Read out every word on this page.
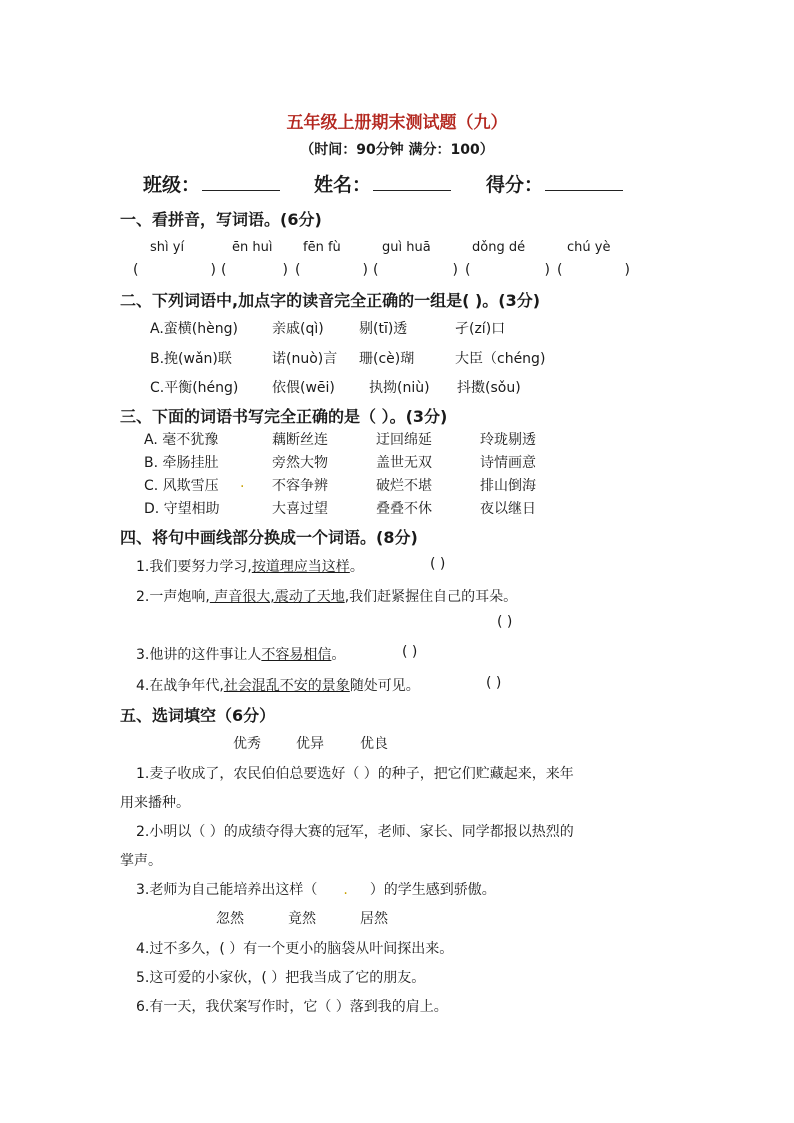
五年级上册期末测试题（九）
（时间：90分钟 满分：100）
班级：	姓名：	得分：
一、看拼音，写词语。(6分)
shì yí	ēn huì fēn fù	guì huā	dǒng dé	chú yè
(	) (	) (	) (	) (	) (	)
二、下列词语中,加点字的读音完全正确的一组是( )。(3分)
A.蛮横(hèng) 亲戚(qì)	剔(tī)透	孑(zí)口
B.挽(wǎn)联	诺(nuò)言 珊(cè)瑚	大臣（chéng)
C.平衡(héng) 依偎(wēi) 执拗(niù) 抖擞(sǒu)
三、下面的词语书写完全正确的是（ ）。(3分)
A. 毫不犹豫	藕断丝连	迂回绵延	玲珑剔透
B. 牵肠挂肚	旁然大物	盖世无双	诗情画意
C. 风欺雪压 . 不容争辨	破烂不堪	排山倒海
D. 守望相助	大喜过望	叠叠不休	夜以继日
四、将句中画线部分换成一个词语。(8分)
1.我们要努力学习,按道理应当这样。	( )
2.一声炮响, 声音很大,震动了天地,我们赶紧握住自己的耳朵。
( )
3.他讲的这件事让人不容易相信。	( )
4.在战争年代,社会混乱不安的景象随处可见。	( )
五、选词填空（6分）
优秀	优异	优良
1.麦子收成了，农民伯伯总要选好（ ）的种子，把它们贮藏起来，来年
用来播种。
2.小明以（ ）的成绩夺得大赛的冠军，老师、家长、同学都报以热烈的
掌声。
3.老师为自己能培养出这样（ . ）的学生感到骄傲。
忽然	竟然	居然
4.过不多久，( ）有一个更小的脑袋从叶间探出来。
5.这可爱的小家伙，( ）把我当成了它的朋友。
6.有一天，我伏案写作时，它（ ）落到我的肩上。
